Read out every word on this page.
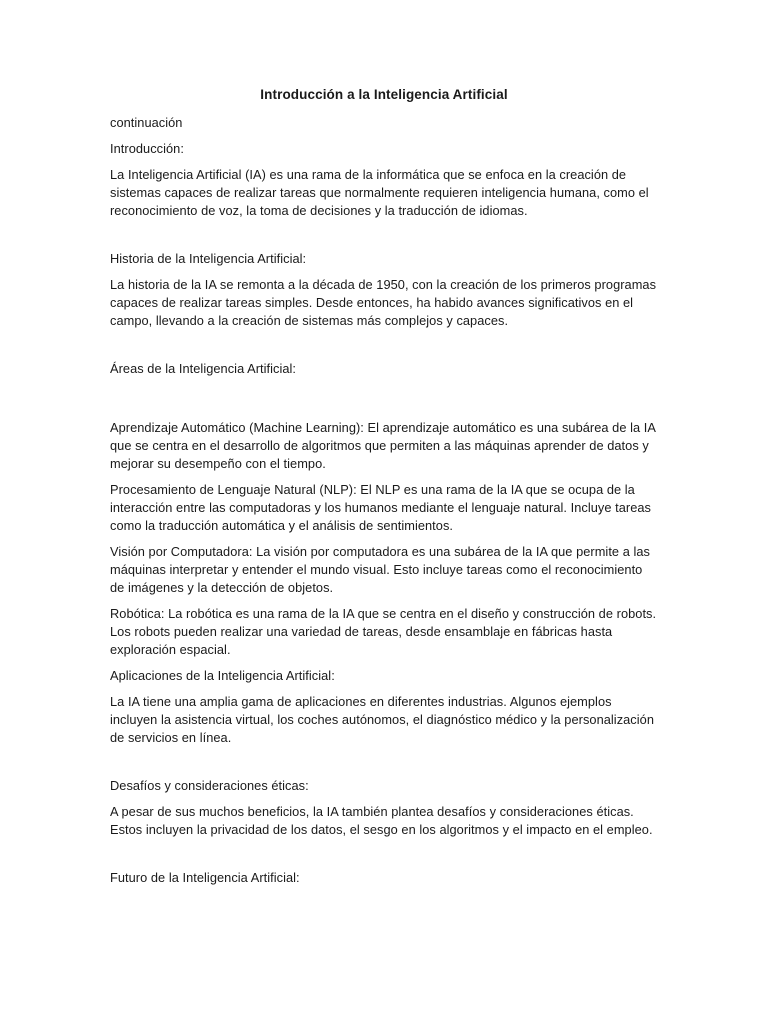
Introducción a la Inteligencia Artificial

continuación

Introducción:

La Inteligencia Artificial (IA) es una rama de la informática que se enfoca en la creación de sistemas capaces de realizar tareas que normalmente requieren inteligencia humana, como el reconocimiento de voz, la toma de decisiones y la traducción de idiomas.

Historia de la Inteligencia Artificial:

La historia de la IA se remonta a la década de 1950, con la creación de los primeros programas capaces de realizar tareas simples. Desde entonces, ha habido avances significativos en el campo, llevando a la creación de sistemas más complejos y capaces.

Áreas de la Inteligencia Artificial:

Aprendizaje Automático (Machine Learning): El aprendizaje automático es una subárea de la IA que se centra en el desarrollo de algoritmos que permiten a las máquinas aprender de datos y mejorar su desempeño con el tiempo.

Procesamiento de Lenguaje Natural (NLP): El NLP es una rama de la IA que se ocupa de la interacción entre las computadoras y los humanos mediante el lenguaje natural. Incluye tareas como la traducción automática y el análisis de sentimientos.

Visión por Computadora: La visión por computadora es una subárea de la IA que permite a las máquinas interpretar y entender el mundo visual. Esto incluye tareas como el reconocimiento de imágenes y la detección de objetos.

Robótica: La robótica es una rama de la IA que se centra en el diseño y construcción de robots. Los robots pueden realizar una variedad de tareas, desde ensamblaje en fábricas hasta exploración espacial.

Aplicaciones de la Inteligencia Artificial:

La IA tiene una amplia gama de aplicaciones en diferentes industrias. Algunos ejemplos incluyen la asistencia virtual, los coches autónomos, el diagnóstico médico y la personalización de servicios en línea.

Desafíos y consideraciones éticas:

A pesar de sus muchos beneficios, la IA también plantea desafíos y consideraciones éticas. Estos incluyen la privacidad de los datos, el sesgo en los algoritmos y el impacto en el empleo.

Futuro de la Inteligencia Artificial:
